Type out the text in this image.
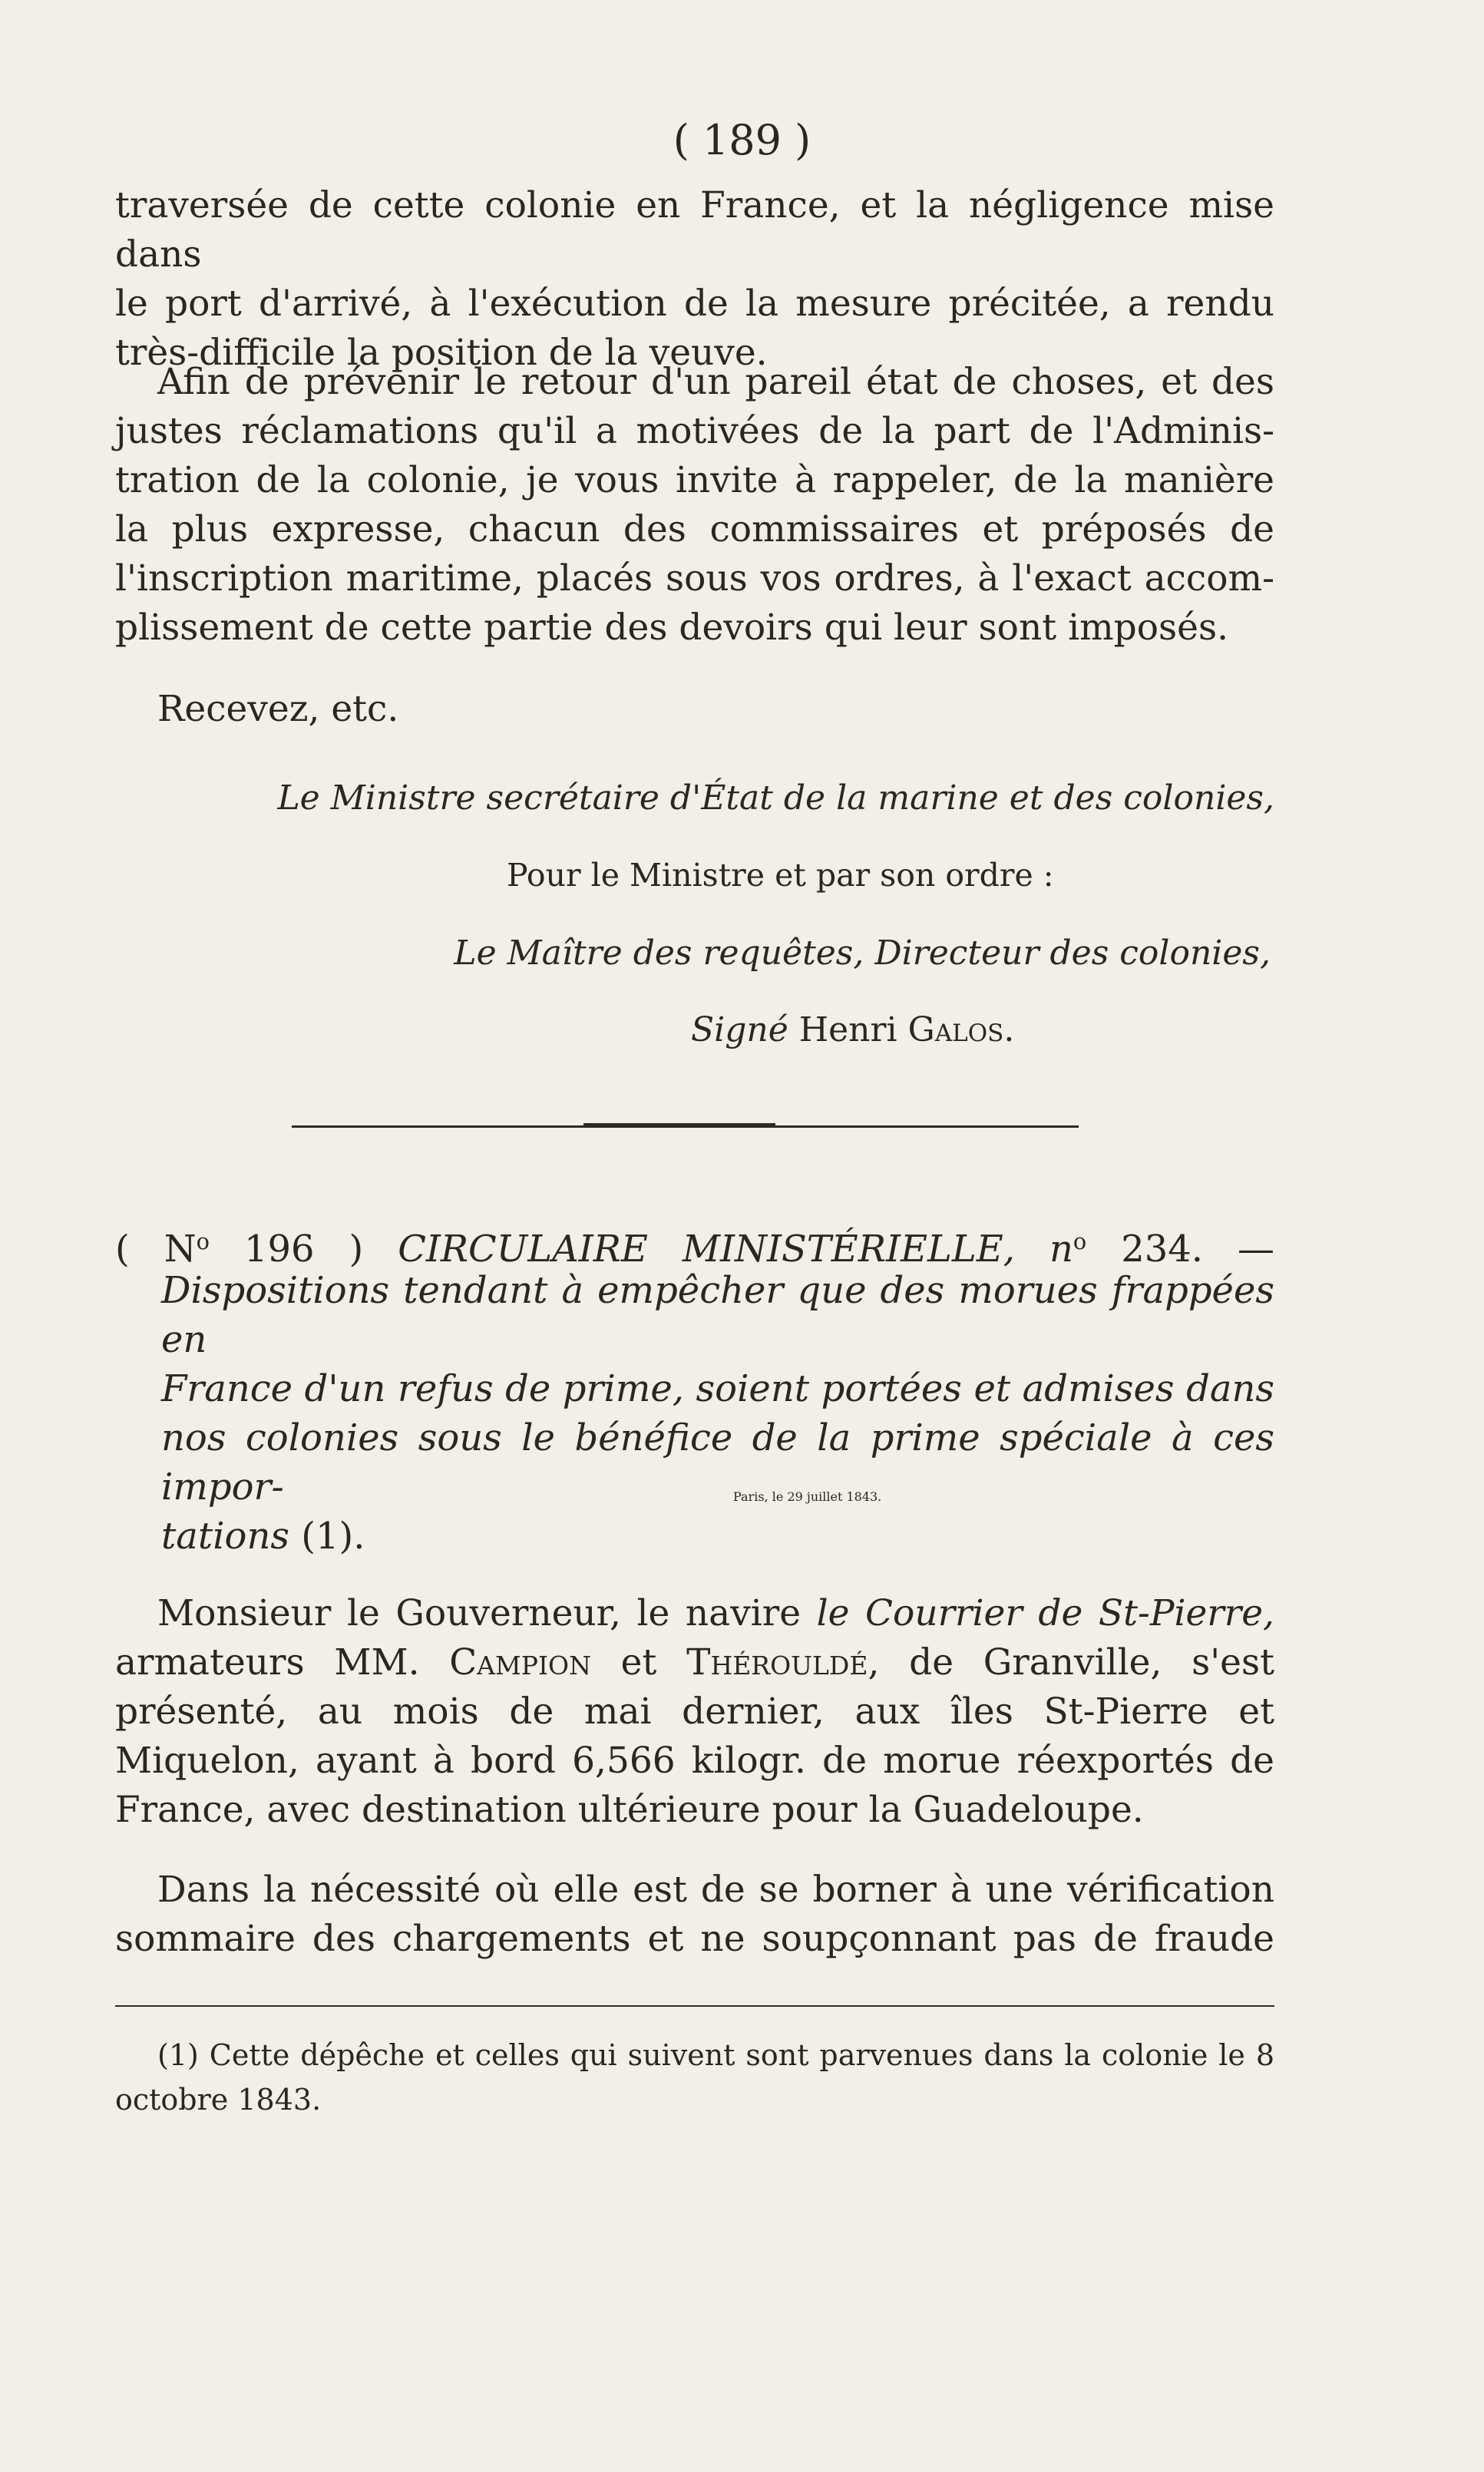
( 189 )

traversée de cette colonie en France, et la négligence mise dans
le port d'arrivé, à l'exécution de la mesure précitée, a rendu
très-difficile la position de la veuve.

Afin de prévenir le retour d'un pareil état de choses, et des
justes réclamations qu'il a motivées de la part de l'Adminis-
tration de la colonie, je vous invite à rappeler, de la manière
la plus expresse, chacun des commissaires et préposés de
l'inscription maritime, placés sous vos ordres, à l'exact accom-
plissement de cette partie des devoirs qui leur sont imposés.

Recevez, etc.

Le Ministre secrétaire d'État de la marine et des colonies,
Pour le Ministre et par son ordre :
Le Maître des requêtes, Directeur des colonies,
Signé Henri Galos.
( $N^o$ 196 ) CIRCULAIRE MINISTÉRIELLE, $n^o$ 234. —
Dispositions tendant à empêcher que des morues frappées en
France d'un refus de prime, soient portées et admises dans
nos colonies sous le bénéfice de la prime spéciale à ces impor-
tations (1).
Paris, le 29 juillet 1843.

Monsieur le Gouverneur, le navire le Courrier de St-Pierre,
armateurs MM. Campion et Thérouldé, de Granville, s'est
présenté, au mois de mai dernier, aux îles St-Pierre et
Miquelon, ayant à bord 6,566 kilogr. de morue réexportés de
France, avec destination ultérieure pour la Guadeloupe.

Dans la nécessité où elle est de se borner à une vérification
sommaire des chargements et ne soupçonnant pas de fraude

(1) Cette dépêche et celles qui suivent sont parvenues dans la colonie le 8
octobre 1843.
